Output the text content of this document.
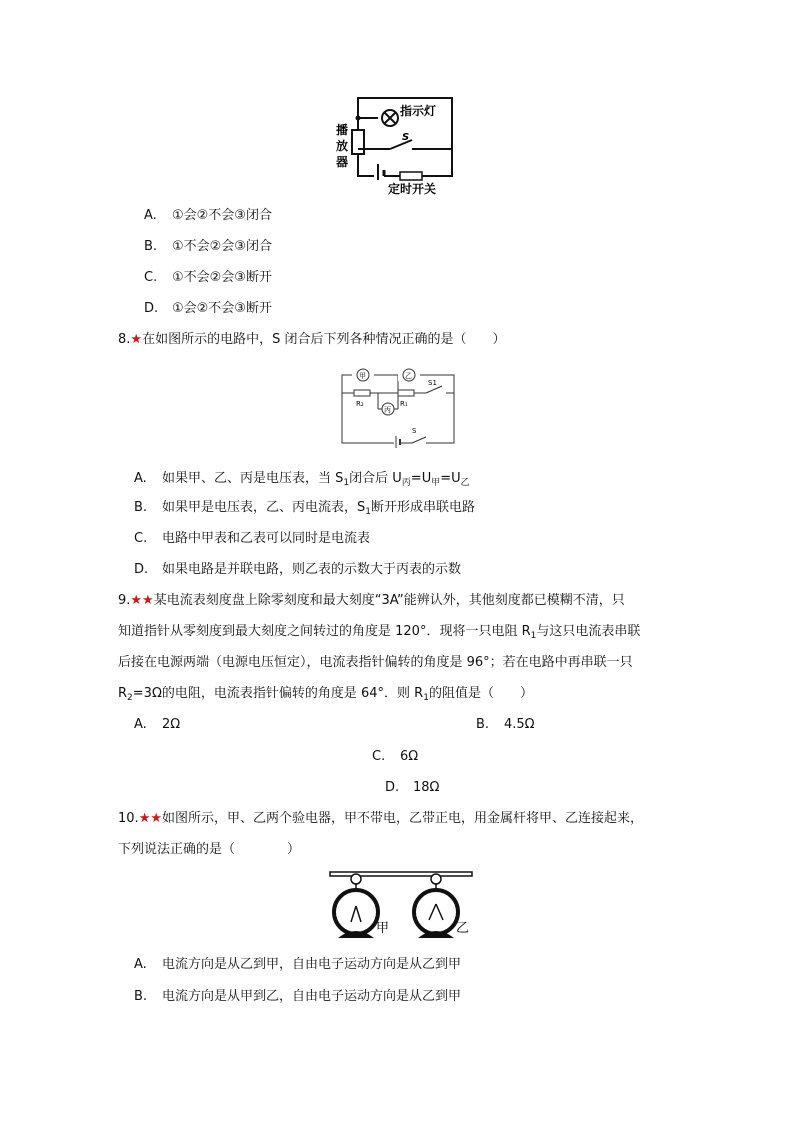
指示灯
S
播
放
器
定时开关
A. ①会②不会③闭合
B. ①不会②会③闭合
C. ①不会②会③断开
D. ①会②不会③断开
8.★在如图所示的电路中，S 闭合后下列各种情况正确的是（　　）
甲	乙
R₂	R₁
丙
S1
S
A. 如果甲、乙、丙是电压表，当 $S_1$闭合后 $U_丙=U_甲=U_乙$
B. 如果甲是电压表，乙、丙电流表，$S_1$断开形成串联电路
C. 电路中甲表和乙表可以同时是电流表
D. 如果电路是并联电路，则乙表的示数大于丙表的示数
9.★★某电流表刻度盘上除零刻度和最大刻度“3A”能辨认外，其他刻度都已模糊不清，只
知道指针从零刻度到最大刻度之间转过的角度是 120°．现将一只电阻 $R_1$与这只电流表串联
后接在电源两端（电源电压恒定），电流表指针偏转的角度是 96°；若在电路中再串联一只
$R_2=3\Omega$的电阻，电流表指针偏转的角度是 64°．则 $R_1$的阻值是（　　）
A. 2Ω	B. 4.5Ω
C. 6Ω
D. 18Ω
10.★★如图所示，甲、乙两个验电器，甲不带电，乙带正电，用金属杆将甲、乙连接起来，
下列说法正确的是（　　　　）
甲	乙
A. 电流方向是从乙到甲，自由电子运动方向是从乙到甲
B. 电流方向是从甲到乙，自由电子运动方向是从乙到甲
